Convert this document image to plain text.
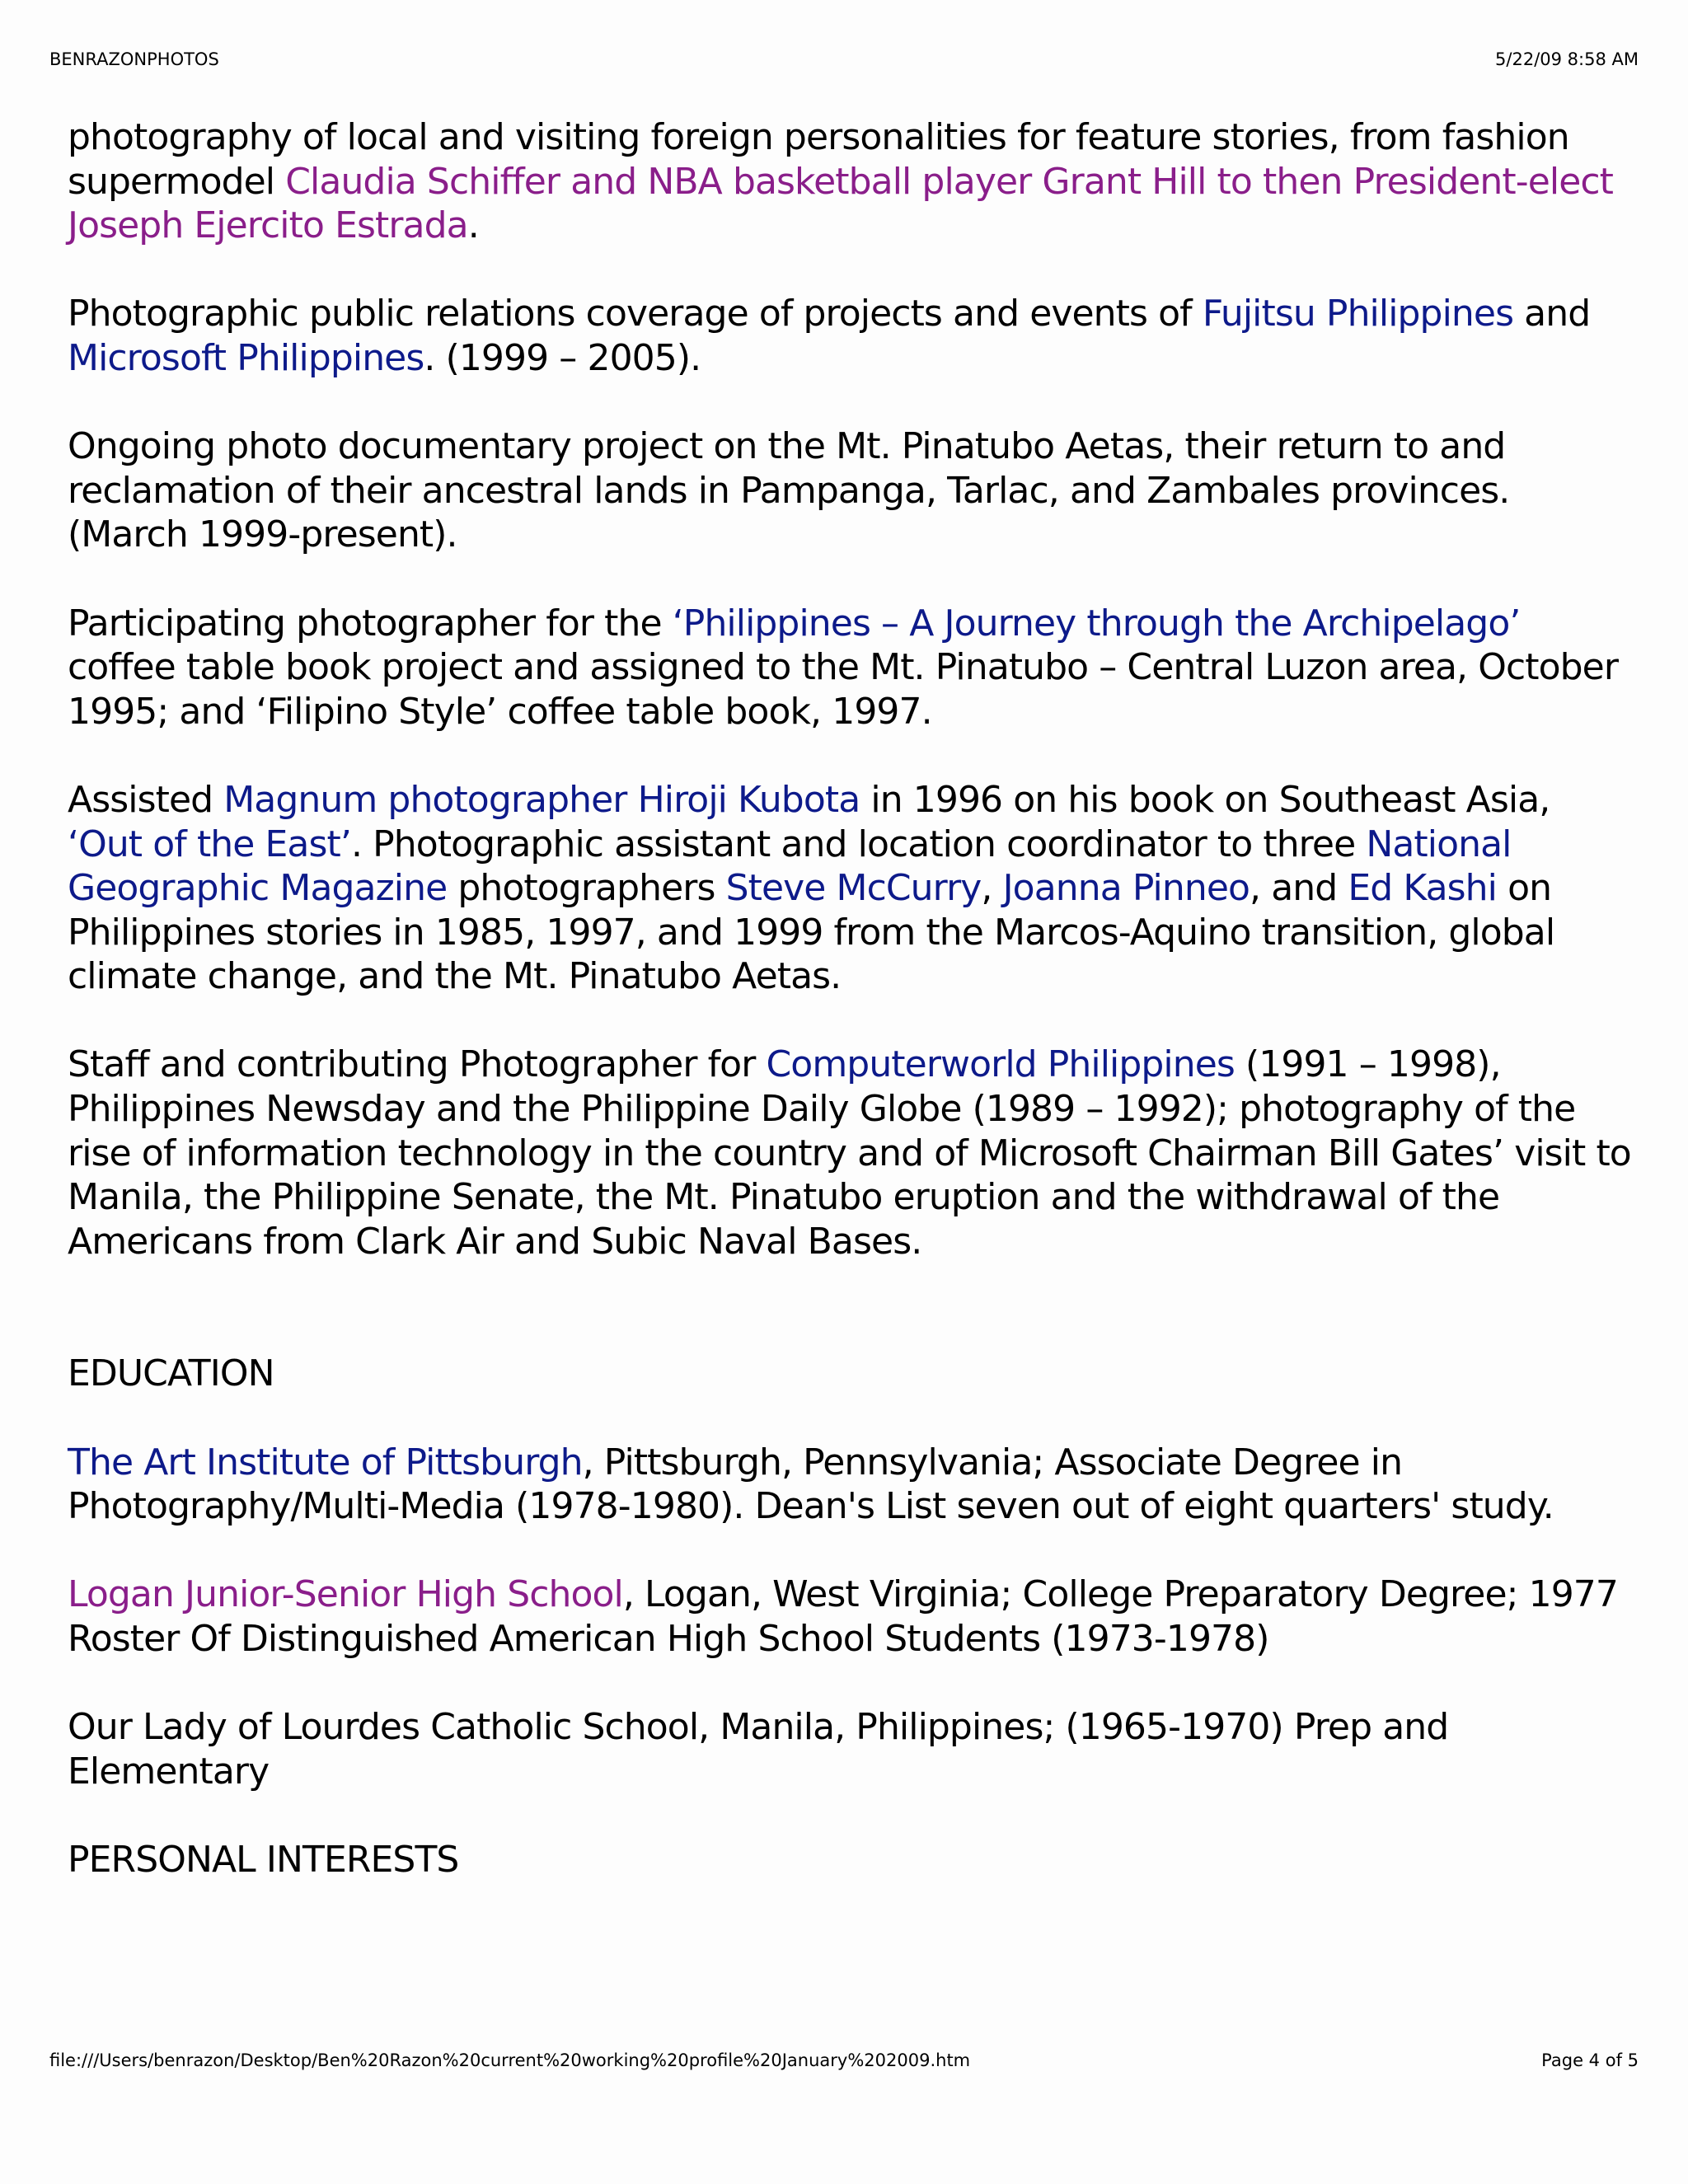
BENRAZONPHOTOS	5/22/09 8:58 AM

photography of local and visiting foreign personalities for feature stories, from fashion supermodel Claudia Schiffer and NBA basketball player Grant Hill to then President-elect Joseph Ejercito Estrada.

Photographic public relations coverage of projects and events of Fujitsu Philippines and Microsoft Philippines. (1999 – 2005).

Ongoing photo documentary project on the Mt. Pinatubo Aetas, their return to and reclamation of their ancestral lands in Pampanga, Tarlac, and Zambales provinces. (March 1999-present).

Participating photographer for the ‘Philippines – A Journey through the Archipelago’ coffee table book project and assigned to the Mt. Pinatubo – Central Luzon area, October 1995; and ‘Filipino Style’ coffee table book, 1997.

Assisted Magnum photographer Hiroji Kubota in 1996 on his book on Southeast Asia, ‘Out of the East’. Photographic assistant and location coordinator to three National Geographic Magazine photographers Steve McCurry, Joanna Pinneo, and Ed Kashi on Philippines stories in 1985, 1997, and 1999 from the Marcos-Aquino transition, global climate change, and the Mt. Pinatubo Aetas.

Staff and contributing Photographer for Computerworld Philippines (1991 – 1998), Philippines Newsday and the Philippine Daily Globe (1989 – 1992); photography of the rise of information technology in the country and of Microsoft Chairman Bill Gates’ visit to Manila, the Philippine Senate, the Mt. Pinatubo eruption and the withdrawal of the Americans from Clark Air and Subic Naval Bases.

EDUCATION

The Art Institute of Pittsburgh, Pittsburgh, Pennsylvania; Associate Degree in Photography/Multi-Media (1978-1980). Dean's List seven out of eight quarters' study.

Logan Junior-Senior High School, Logan, West Virginia; College Preparatory Degree; 1977 Roster Of Distinguished American High School Students (1973-1978)

Our Lady of Lourdes Catholic School, Manila, Philippines; (1965-1970) Prep and Elementary

PERSONAL INTERESTS

file:///Users/benrazon/Desktop/Ben%20Razon%20current%20working%20profile%20January%202009.htm	Page 4 of 5
